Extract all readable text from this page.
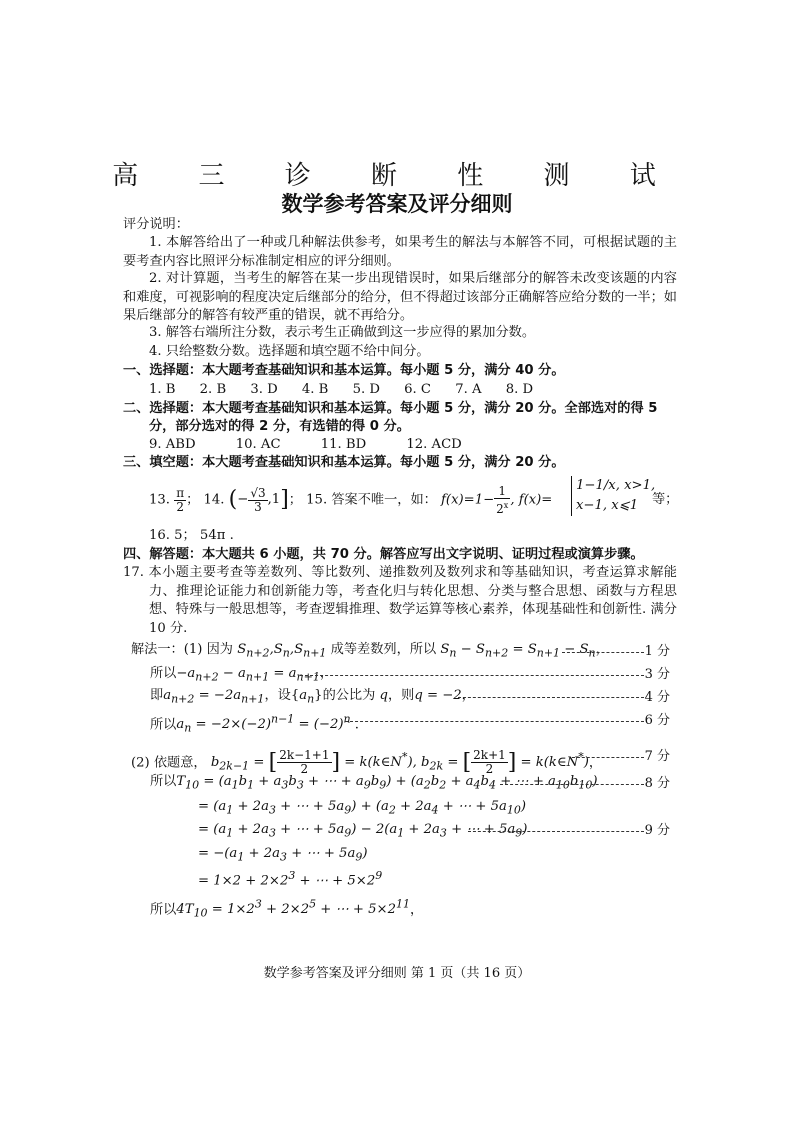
高 三 诊 断 性 测 试
数学参考答案及评分细则
评分说明：
1. 本解答给出了一种或几种解法供参考，如果考生的解法与本解答不同，可根据试题的主要考查内容比照评分标准制定相应的评分细则。
2. 对计算题，当考生的解答在某一步出现错误时，如果后继部分的解答未改变该题的内容和难度，可视影响的程度决定后继部分的给分，但不得超过该部分正确解答应给分数的一半；如果后继部分的解答有较严重的错误，就不再给分。
3. 解答右端所注分数，表示考生正确做到这一步应得的累加分数。
4. 只给整数分数。选择题和填空题不给中间分。
一、选择题：本大题考查基础知识和基本运算。每小题 5 分，满分 40 分。
1. B 2. B 3. D 4. B 5. D 6. C 7. A 8. D
二、选择题：本大题考查基础知识和基本运算。每小题 5 分，满分 20 分。全部选对的得 5
分，部分选对的得 2 分，有选错的得 0 分。
9. ABD	10. AC	11. BD	12. ACD
三、填空题：本大题考查基础知识和基本运算。每小题 5 分，满分 20 分。
13. $\frac{\pi}{2}$ ； 14. (− $\frac{√3}{3} ,1$]； 15. 答案不唯一，如： $f(x)=1- \frac{1}{2^x}$ , f(x)=
1−1/x, x>1,
x−1, x⩽1	等；
16. 5； 54π .
四、解答题：本大题共 6 小题，共 70 分。解答应写出文字说明、证明过程或演算步骤。
17. 本小题主要考查等差数列、等比数列、递推数列及数列求和等基础知识，考查运算求解能力、推理论证能力和创新能力等，考查化归与转化思想、分类与整合思想、函数与方程思想、特殊与一般思想等，考查逻辑推理、数学运算等核心素养，体现基础性和创新性. 满分 10 分.
解法一：(1) 因为 $S_{n+2},S_n,S_{n+1}$ 成等差数列，所以 $S_n - S_{n+2} = S_{n+1} - S_n$，	1 分
所以$-a_{n+2} - a_{n+1} = a_{n+1}$，	3 分
即$a_{n+2} = -2a_{n+1}$，设$\{a_n\}$的公比为 q，则q = −2，	4 分
所以$a_n = -2\times(-2)^{n-1} = (-2)^n$ .	6 分
(2) 依题意， $b_{2k-1}$ = [ $\frac{2k-1+1}{2}$ ] = k(k∈N*), $b_{2k}$ = [ $\frac{2k+1}{2}$ ] = k(k∈N*)，	7 分
所以$T_{10} = (a_1b_1 + a_3b_3$ + ⋯ + $a_9b_9) + (a_2b_2 + a_4b_4$ + ⋯ + $a_{10}b_{10}$)	8 分
= ($a_1 + 2a_3$ + ⋯ + $5a_9) + (a_2 + 2a_4$ + ⋯ + $5a_{10}$)
= ($a_1 + 2a_3$ + ⋯ + $5a_9) - 2(a_1 + 2a_3$ + ⋯ + $5a_9$)	9 分
= $-(a_1 + 2a_3$ + ⋯ + $5a_9$)
= $1\times 2 + 2\times 2^3$ + ⋯ + $5\times 2^9$
所以$4T_{10} = 1\times 2^3 + 2\times 2^5$ + ⋯ + $5\times 2^{11}$，
数学参考答案及评分细则 第 1 页（共 16 页）
